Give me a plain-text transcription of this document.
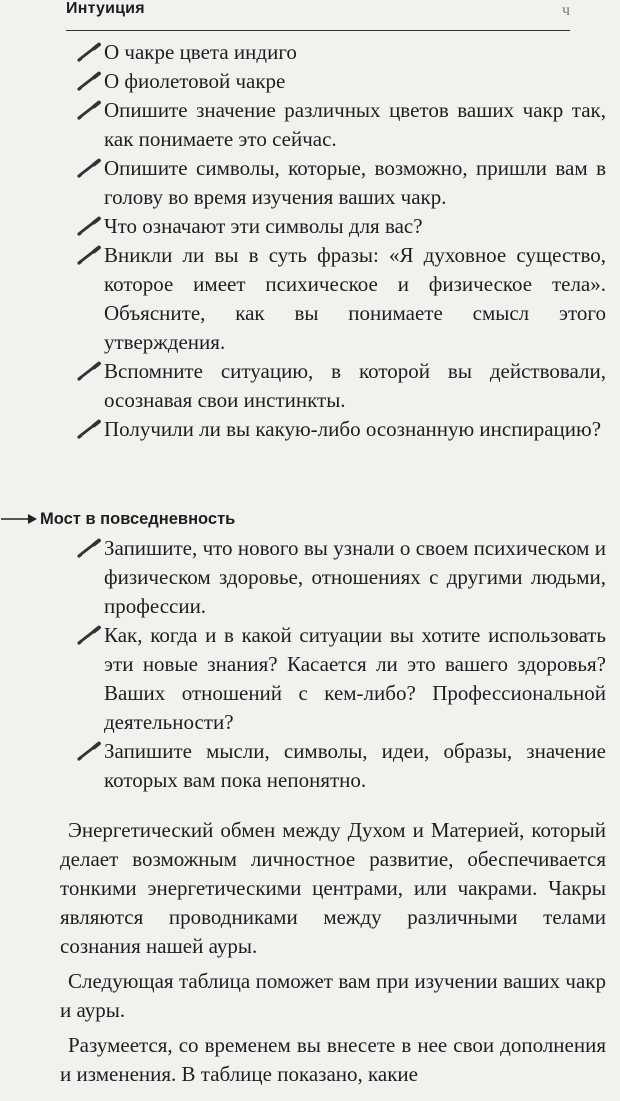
Интуиция	ч
О чакре цвета индиго
О фиолетовой чакре
Опишите значение различных цветов ваших чакр так, как понимаете это сейчас.
Опишите символы, которые, возможно, пришли вам в голову во время изучения ваших чакр.
Что означают эти символы для вас?
Вникли ли вы в суть фразы: «Я духовное существо, которое имеет психическое и физическое тела». Объясните, как вы понимаете смысл этого утверждения.
Вспомните ситуацию, в которой вы действовали, осознавая свои инстинкты.
Получили ли вы какую-либо осознанную инспирацию?
Мост в повседневность
Запишите, что нового вы узнали о своем психическом и физическом здоровье, отношениях с другими людьми, профессии.
Как, когда и в какой ситуации вы хотите использовать эти новые знания? Касается ли это вашего здоровья? Ваших отношений с кем-либо? Профессиональной деятельности?
Запишите мысли, символы, идеи, образы, значение которых вам пока непонятно.

Энергетический обмен между Духом и Материей, который делает возможным личностное развитие, обеспечивается тонкими энергетическими центрами, или чакрами. Чакры являются проводниками между различными телами сознания нашей ауры.

Следующая таблица поможет вам при изучении ваших чакр и ауры.

Разумеется, со временем вы внесете в нее свои дополнения и изменения. В таблице показано, какие
